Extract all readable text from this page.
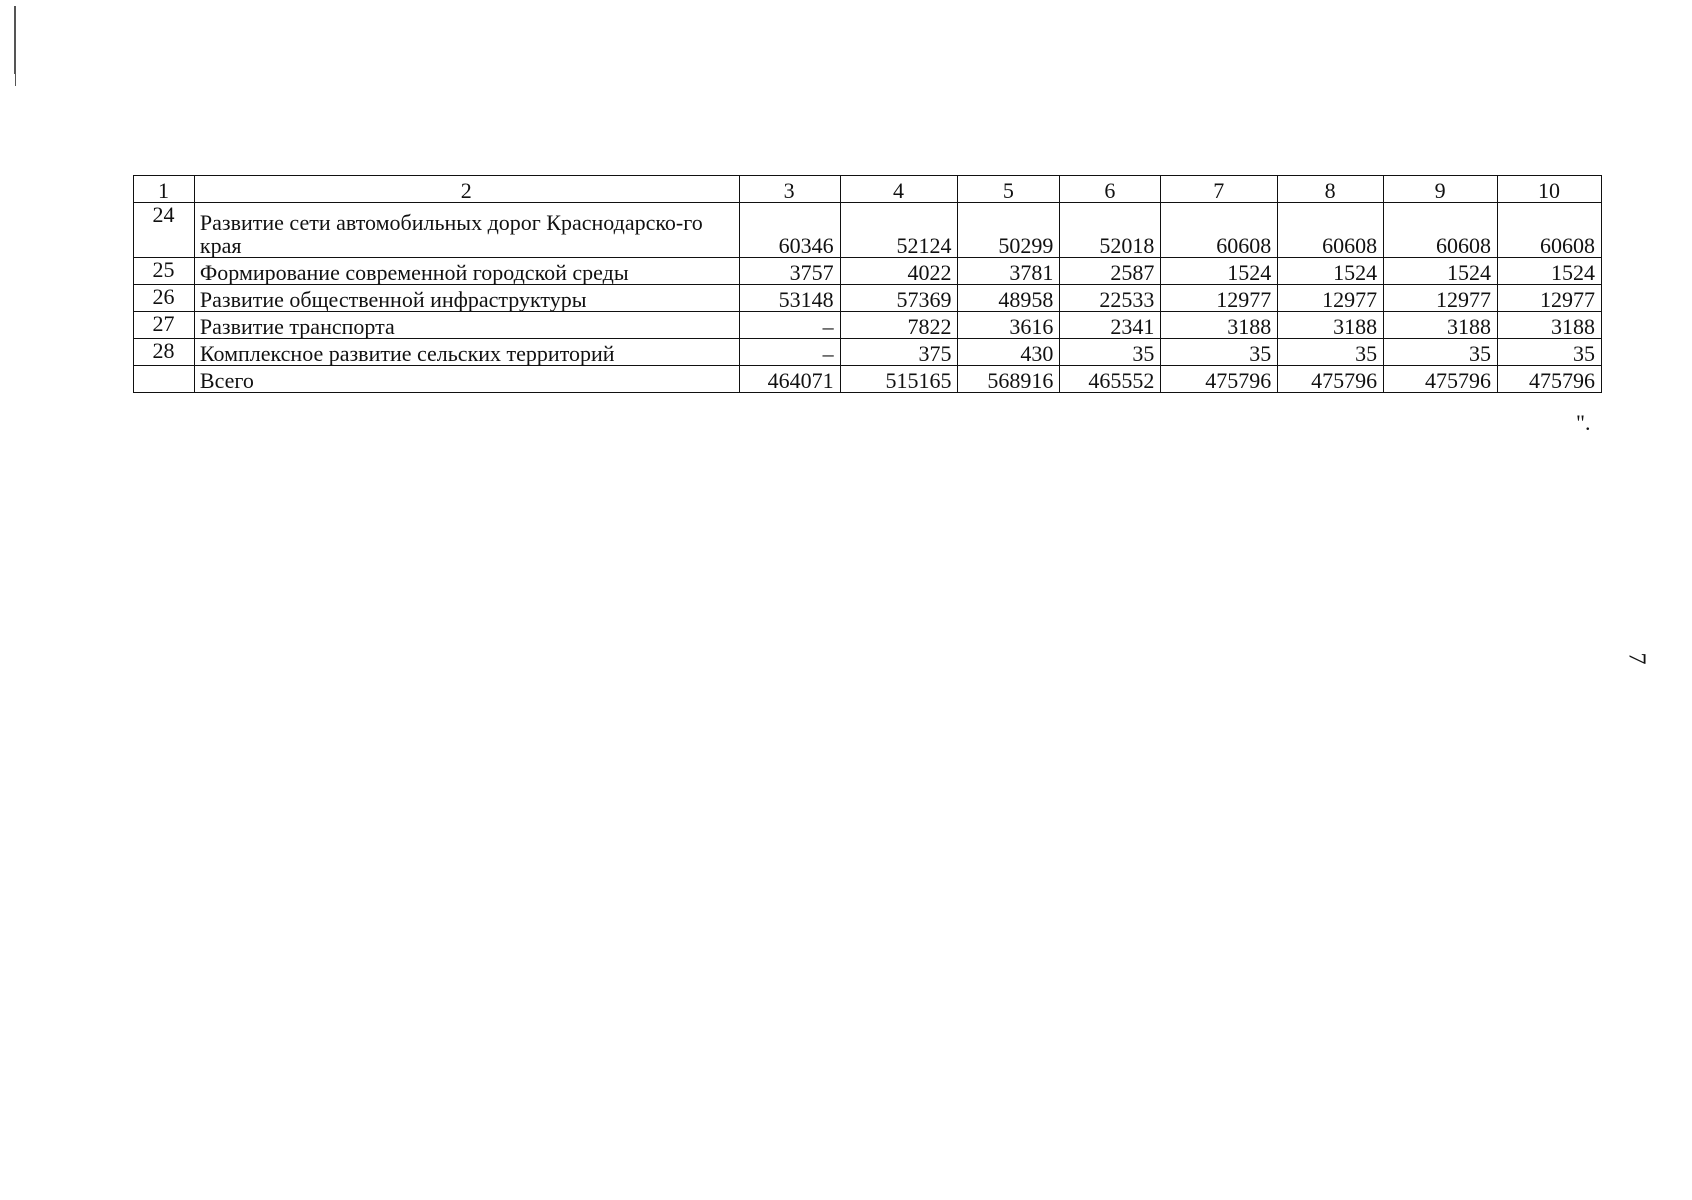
1	2	3	4	5	6	7	8	9	10
24	Развитие сети автомобильных дорог Краснодарско-го края	60346	52124	50299	52018	60608	60608	60608	60608
25	Формирование современной городской среды	3757	4022	3781	2587	1524	1524	1524	1524
26	Развитие общественной инфраструктуры	53148	57369	48958	22533	12977	12977	12977	12977
27	Развитие транспорта	–	7822	3616	2341	3188	3188	3188	3188
28	Комплексное развитие сельских территорий	–	375	430	35	35	35	35	35
	Всего	464071	515165	568916	465552	475796	475796	475796	475796
".
7
